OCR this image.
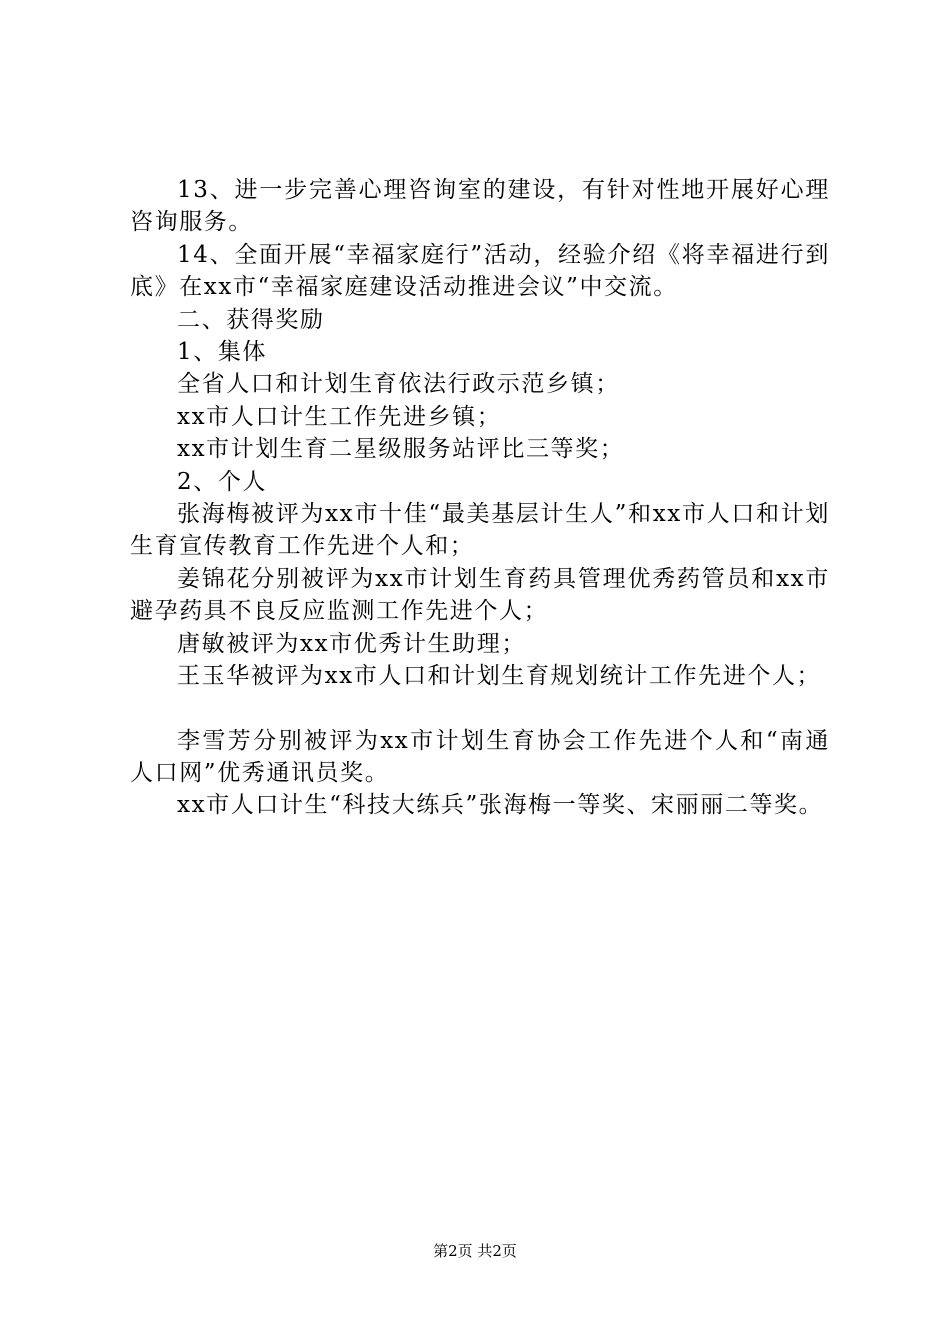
13、进一步完善心理咨询室的建设，有针对性地开展好心理咨询服务。

14、全面开展“幸福家庭行”活动，经验介绍《将幸福进行到底》在xx市“幸福家庭建设活动推进会议”中交流。

二、获得奖励

1、集体

全省人口和计划生育依法行政示范乡镇；

xx市人口计生工作先进乡镇；

xx市计划生育二星级服务站评比三等奖；

2、个人

张海梅被评为xx市十佳“最美基层计生人”和xx市人口和计划生育宣传教育工作先进个人和；

姜锦花分别被评为xx市计划生育药具管理优秀药管员和xx市避孕药具不良反应监测工作先进个人；

唐敏被评为xx市优秀计生助理；

王玉华被评为xx市人口和计划生育规划统计工作先进个人；

李雪芳分别被评为xx市计划生育协会工作先进个人和“南通人口网”优秀通讯员奖。

xx市人口计生“科技大练兵”张海梅一等奖、宋丽丽二等奖。

第2页 共2页
